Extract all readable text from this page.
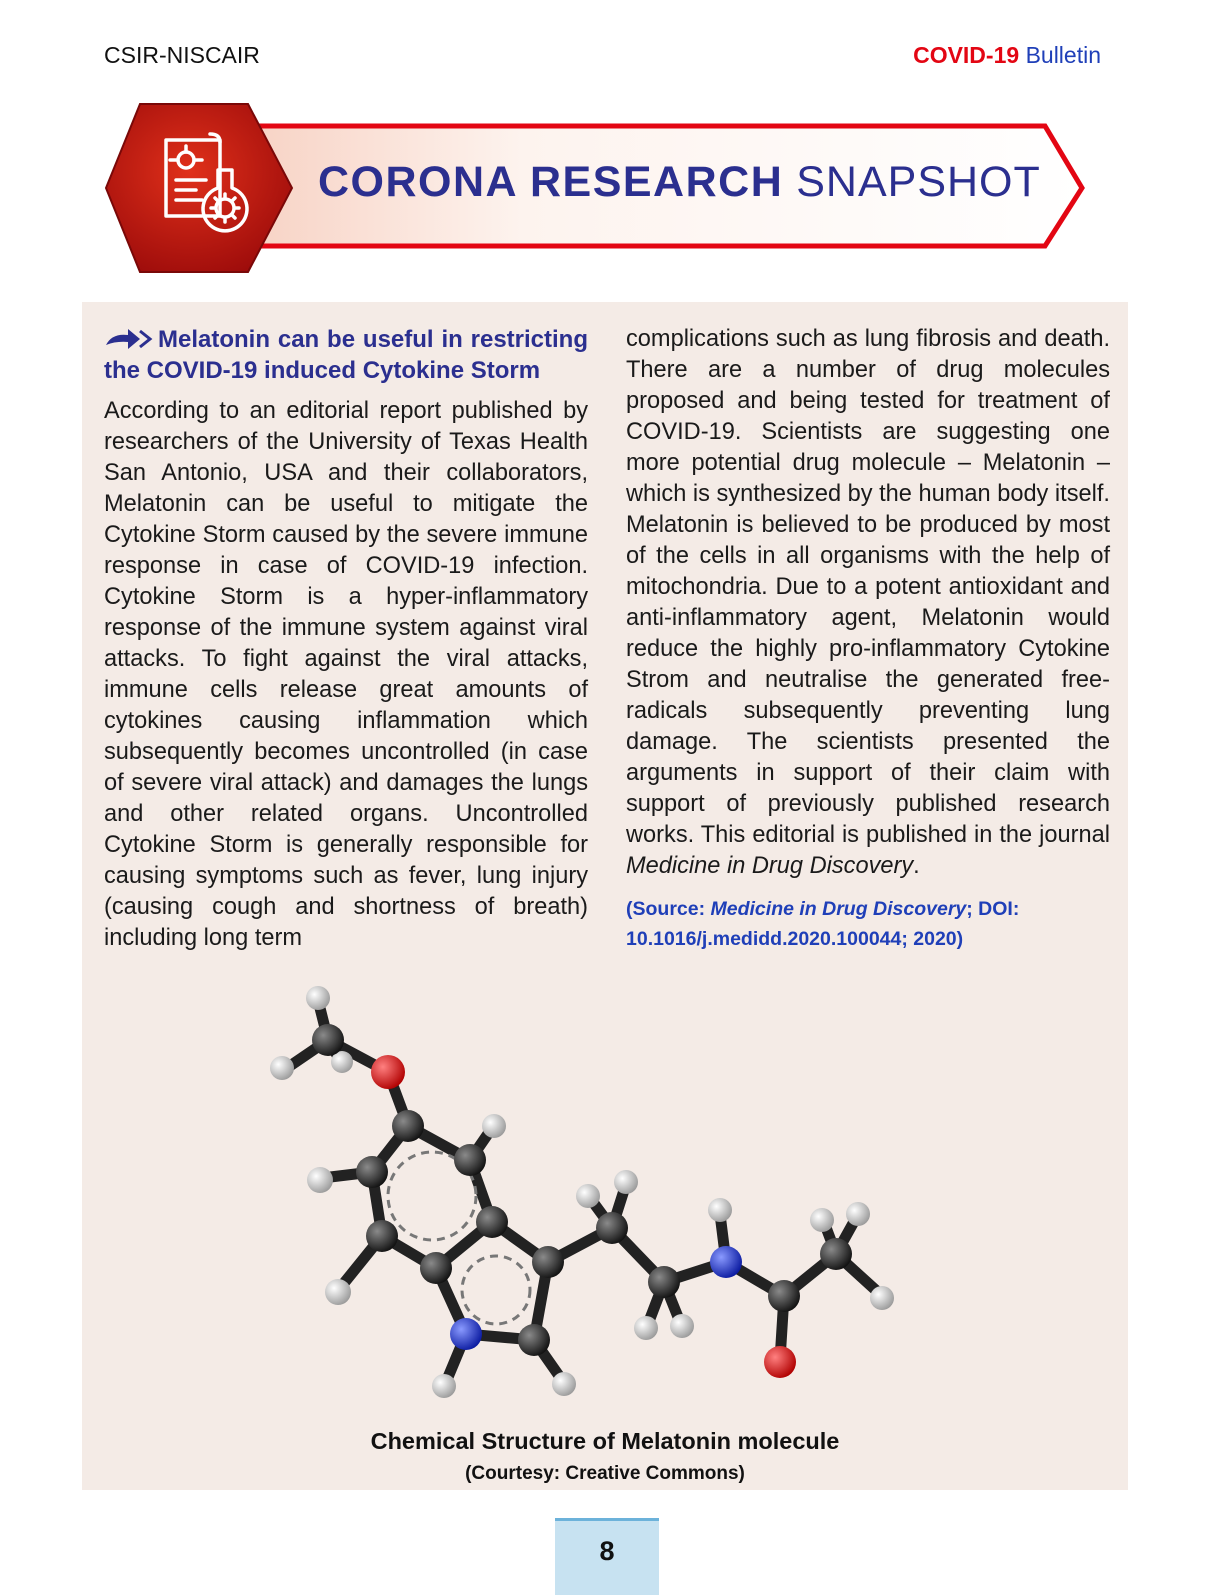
CSIR-NISCAIR	COVID-19 Bulletin
CORONA RESEARCH SNAPSHOT
Melatonin can be useful in restricting the COVID-19 induced Cytokine Storm
According to an editorial report published by researchers of the University of Texas Health San Antonio, USA and their collaborators, Melatonin can be useful to mitigate the Cytokine Storm caused by the severe immune response in case of COVID-19 infection. Cytokine Storm is a hyper-inflammatory response of the immune system against viral attacks. To fight against the viral attacks, immune cells release great amounts of cytokines causing inflammation which subsequently becomes uncontrolled (in case of severe viral attack) and damages the lungs and other related organs. Uncontrolled Cytokine Storm is generally responsible for causing symptoms such as fever, lung injury (causing cough and shortness of breath) including long term
complications such as lung fibrosis and death. There are a number of drug molecules proposed and being tested for treatment of COVID-19. Scientists are suggesting one more potential drug molecule – Melatonin – which is synthesized by the human body itself. Melatonin is believed to be produced by most of the cells in all organisms with the help of mitochondria. Due to a potent antioxidant and anti-inflammatory agent, Melatonin would reduce the highly pro-inflammatory Cytokine Strom and neutralise the generated free-radicals subsequently preventing lung damage. The scientists presented the arguments in support of their claim with support of previously published research works. This editorial is published in the journal Medicine in Drug Discovery.
(Source: Medicine in Drug Discovery; DOI: 10.1016/j.medidd.2020.100044; 2020)
Chemical Structure of Melatonin molecule
(Courtesy: Creative Commons)
8
